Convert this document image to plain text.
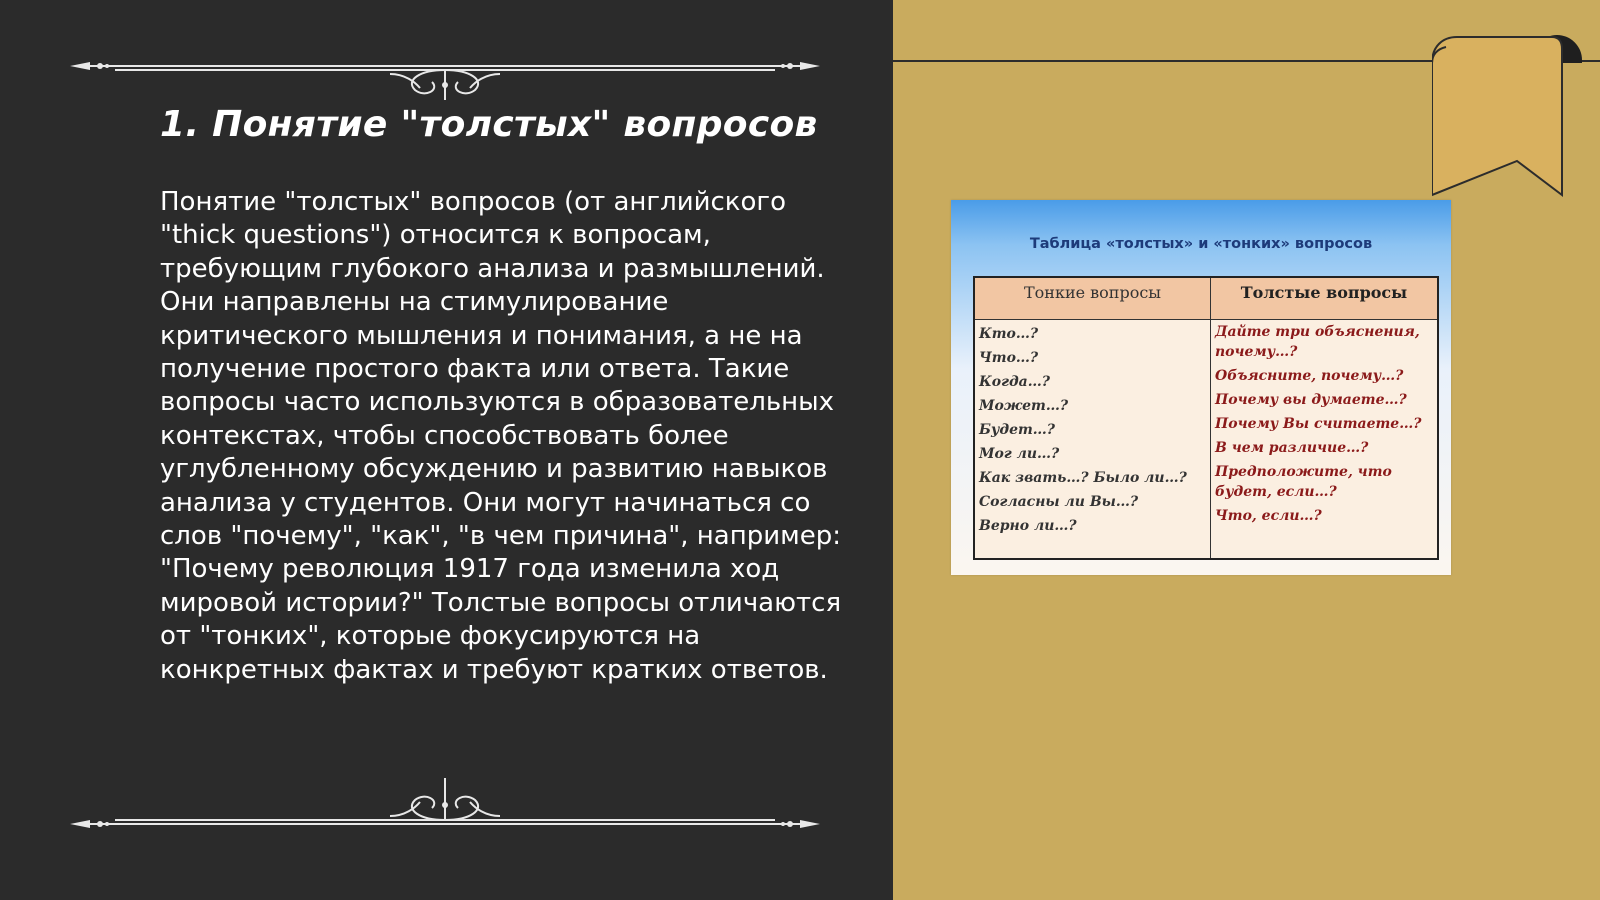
1. Понятие "толстых" вопросов

Понятие "толстых" вопросов (от английского "thick questions") относится к вопросам, требующим глубокого анализа и размышлений. Они направлены на стимулирование критического мышления и понимания, а не на получение простого факта или ответа. Такие вопросы часто используются в образовательных контекстах, чтобы способствовать более углубленному обсуждению и развитию навыков анализа у студентов. Они могут начинаться со слов "почему", "как", "в чем причина", например: "Почему революция 1917 года изменила ход мировой истории?" Толстые вопросы отличаются от "тонких", которые фокусируются на конкретных фактах и требуют кратких ответов.

Таблица «толстых» и «тонких» вопросов

Тонкие вопросы
Кто…?
Что…?
Когда…?
Может…?
Будет…?
Мог ли…?
Как звать…? Было ли…?
Согласны ли Вы…?
Верно ли…?
Толстые вопросы
Дайте три объяснения, почему…?
Объясните, почему…?
Почему вы думаете…?
Почему Вы считаете…?
В чем различие…?
Предположите, что будет, если…?
Что, если…?
